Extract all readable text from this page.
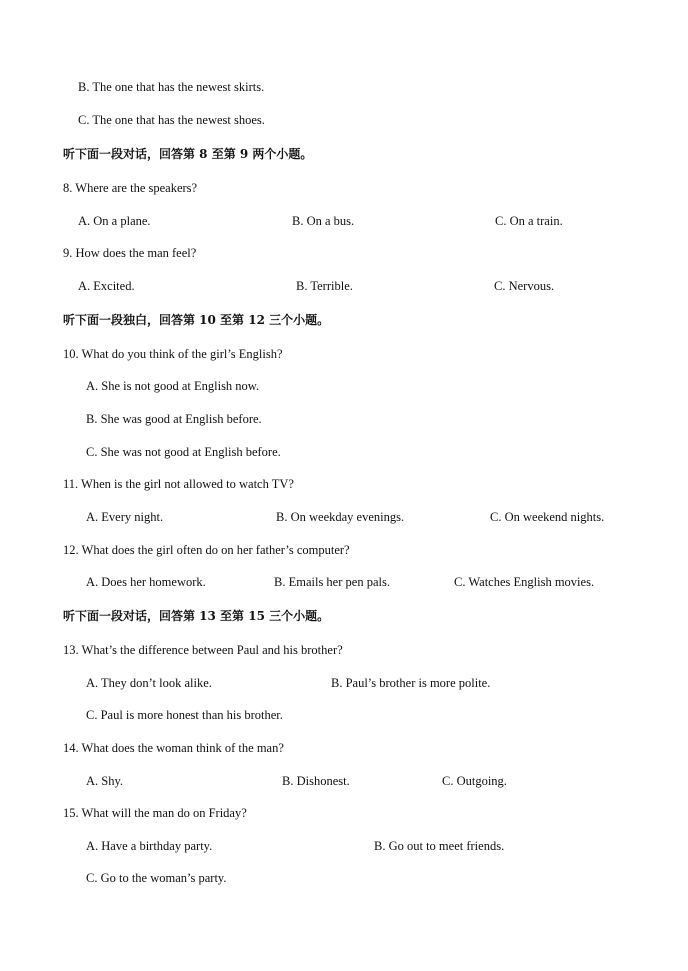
B. The one that has the newest skirts.
C. The one that has the newest shoes.
听下面一段对话，回答第 8 至第 9 两个小题。
8. Where are the speakers?
A. On a plane.	B. On a bus.	C. On a train.
9. How does the man feel?
A. Excited.	B. Terrible.	C. Nervous.
听下面一段独白，回答第 10 至第 12 三个小题。
10. What do you think of the girl’s English?
A. She is not good at English now.
B. She was good at English before.
C. She was not good at English before.
11. When is the girl not allowed to watch TV?
A. Every night.	B. On weekday evenings.	C. On weekend nights.
12. What does the girl often do on her father’s computer?
A. Does her homework.	B. Emails her pen pals.	C. Watches English movies.
听下面一段对话，回答第 13 至第 15 三个小题。
13. What’s the difference between Paul and his brother?
A. They don’t look alike.	B. Paul’s brother is more polite.
C. Paul is more honest than his brother.
14. What does the woman think of the man?
A. Shy.	B. Dishonest.	C. Outgoing.
15. What will the man do on Friday?
A. Have a birthday party.	B. Go out to meet friends.
C. Go to the woman’s party.
